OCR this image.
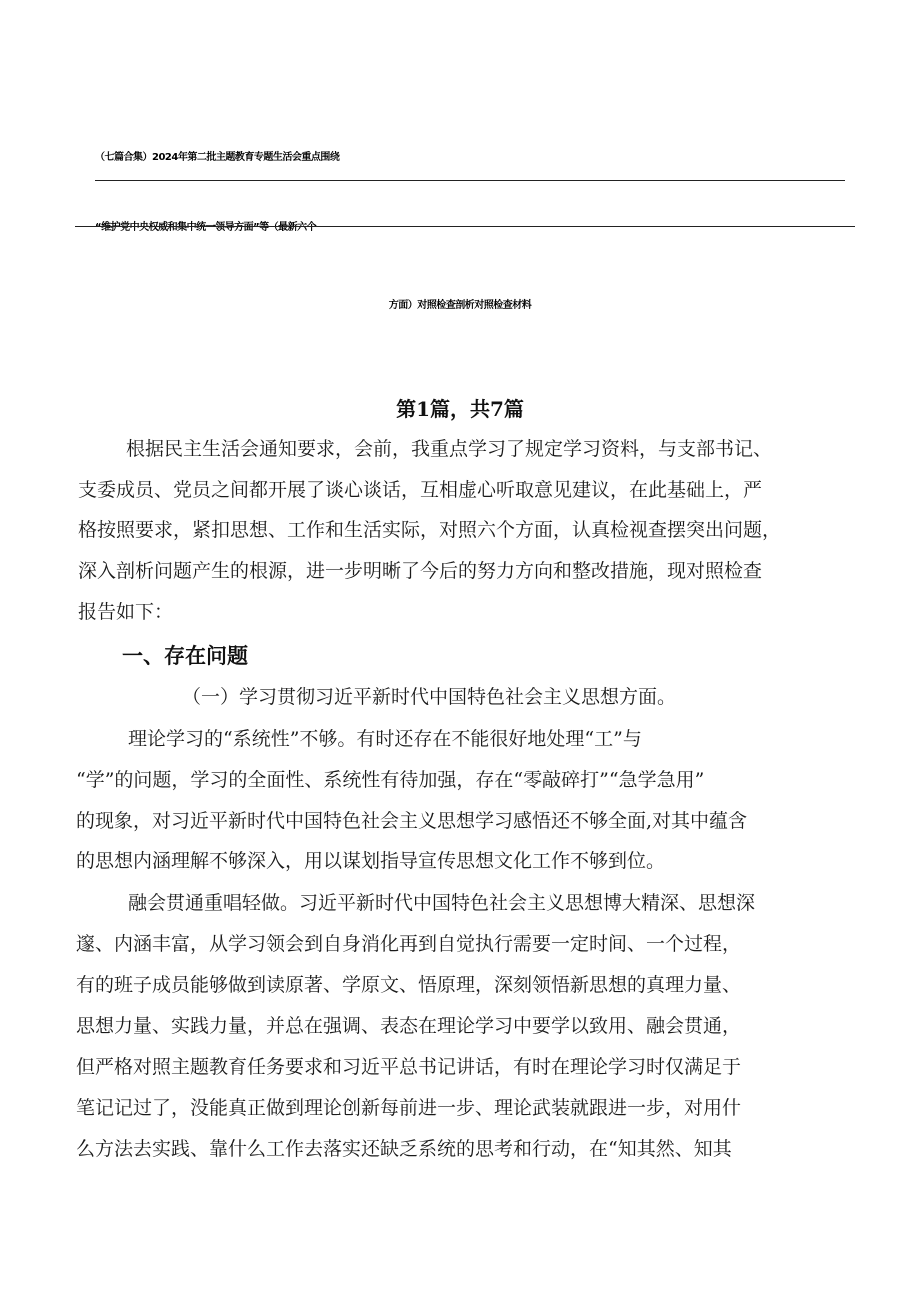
（七篇合集）2024年第二批主题教育专题生活会重点围绕
“维护党中央权威和集中统一领导方面”等（最新六个
方面）对照检查剖析对照检查材料
第1篇，共7篇
根据民主生活会通知要求，会前，我重点学习了规定学习资料，与支部书记、
支委成员、党员之间都开展了谈心谈话，互相虚心听取意见建议，在此基础上，严
格按照要求，紧扣思想、工作和生活实际，对照六个方面，认真检视查摆突出问题，
深入剖析问题产生的根源，进一步明晰了今后的努力方向和整改措施，现对照检查
报告如下：
一、存在问题
（一）学习贯彻习近平新时代中国特色社会主义思想方面。
理论学习的“系统性”不够。有时还存在不能很好地处理“工”与
“学”的问题，学习的全面性、系统性有待加强，存在“零敲碎打”“急学急用”
的现象，对习近平新时代中国特色社会主义思想学习感悟还不够全面,对其中蕴含
的思想内涵理解不够深入，用以谋划指导宣传思想文化工作不够到位。
融会贯通重唱轻做。习近平新时代中国特色社会主义思想博大精深、思想深
邃、内涵丰富，从学习领会到自身消化再到自觉执行需要一定时间、一个过程，
有的班子成员能够做到读原著、学原文、悟原理，深刻领悟新思想的真理力量、
思想力量、实践力量，并总在强调、表态在理论学习中要学以致用、融会贯通，
但严格对照主题教育任务要求和习近平总书记讲话，有时在理论学习时仅满足于
笔记记过了，没能真正做到理论创新每前进一步、理论武装就跟进一步，对用什
么方法去实践、靠什么工作去落实还缺乏系统的思考和行动，在“知其然、知其
